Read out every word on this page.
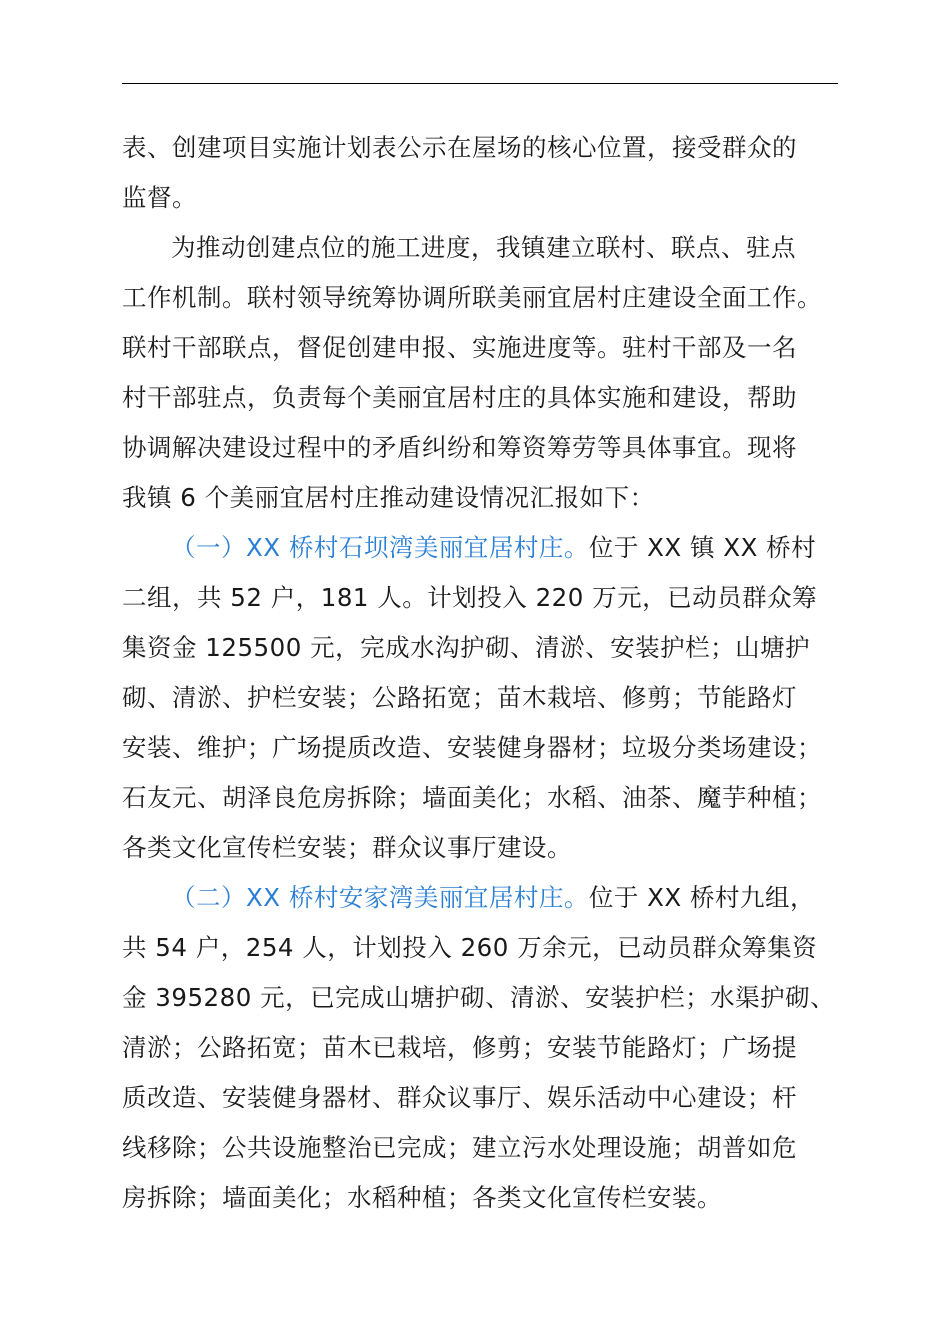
表、创建项目实施计划表公示在屋场的核心位置，接受群众的
监督。
为推动创建点位的施工进度，我镇建立联村、联点、驻点
工作机制。联村领导统筹协调所联美丽宜居村庄建设全面工作。
联村干部联点，督促创建申报、实施进度等。驻村干部及一名
村干部驻点，负责每个美丽宜居村庄的具体实施和建设，帮助
协调解决建设过程中的矛盾纠纷和筹资筹劳等具体事宜。现将
我镇 6 个美丽宜居村庄推动建设情况汇报如下：
（一）XX 桥村石坝湾美丽宜居村庄。位于 XX 镇 XX 桥村
二组，共 52 户，181 人。计划投入 220 万元，已动员群众筹
集资金 125500 元，完成水沟护砌、清淤、安装护栏；山塘护
砌、清淤、护栏安装；公路拓宽；苗木栽培、修剪；节能路灯
安装、维护；广场提质改造、安装健身器材；垃圾分类场建设；
石友元、胡泽良危房拆除；墙面美化；水稻、油茶、魔芋种植；
各类文化宣传栏安装；群众议事厅建设。
（二）XX 桥村安家湾美丽宜居村庄。位于 XX 桥村九组，
共 54 户，254 人，计划投入 260 万余元，已动员群众筹集资
金 395280 元，已完成山塘护砌、清淤、安装护栏；水渠护砌、
清淤；公路拓宽；苗木已栽培，修剪；安装节能路灯；广场提
质改造、安装健身器材、群众议事厅、娱乐活动中心建设；杆
线移除；公共设施整治已完成；建立污水处理设施；胡普如危
房拆除；墙面美化；水稻种植；各类文化宣传栏安装。
